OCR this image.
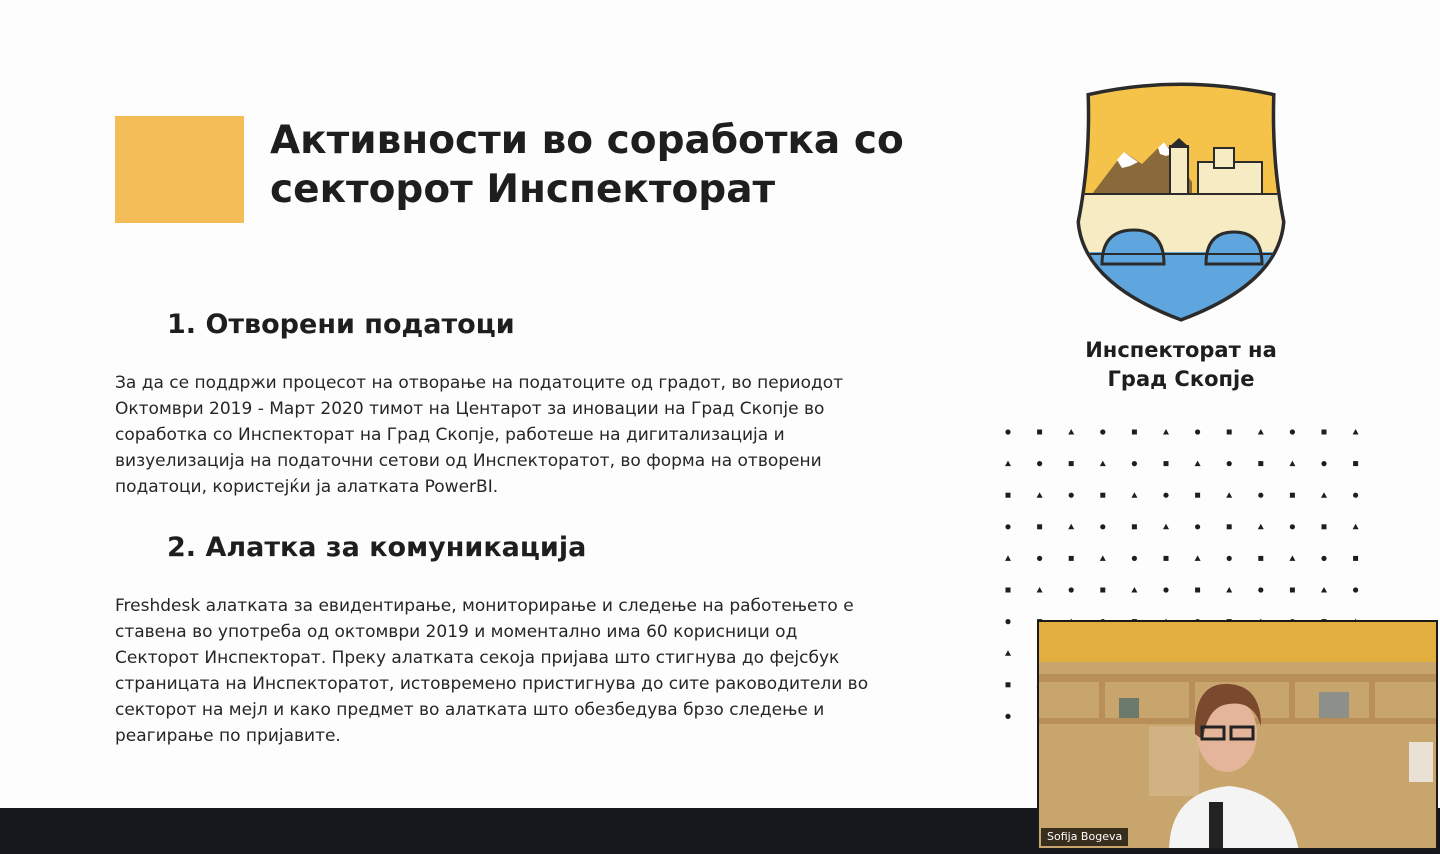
Активности во соработка со
секторот Инспекторат
1. Отворени податоци
За да се поддржи процесот на отворање на податоците од градот, во периодот
Октомври 2019 - Март 2020 тимот на Центарот за иновации на Град Скопје во
соработка со Инспекторат на Град Скопје, работеше на дигитализација и
визуелизација на податочни сетови од Инспекторатот, во форма на отворени
податоци, користејќи ја алатката PowerBI.
2. Алатка за комуникација
Freshdesk алатката за евидентирање, мониторирање и следење на работењето е
ставена во употреба од октомври 2019 и моментално има 60 корисници од
Секторот Инспекторат. Преку алатката секоја пријава што стигнува до фејсбук
страницата на Инспекторатот, истовремено пристигнува до сите раководители во
секторот на мејл и како предмет во алатката што обезбедува брзо следење и
реагирање по пријавите.
Инспекторат на
Град Скопје
Sofija Bogeva
